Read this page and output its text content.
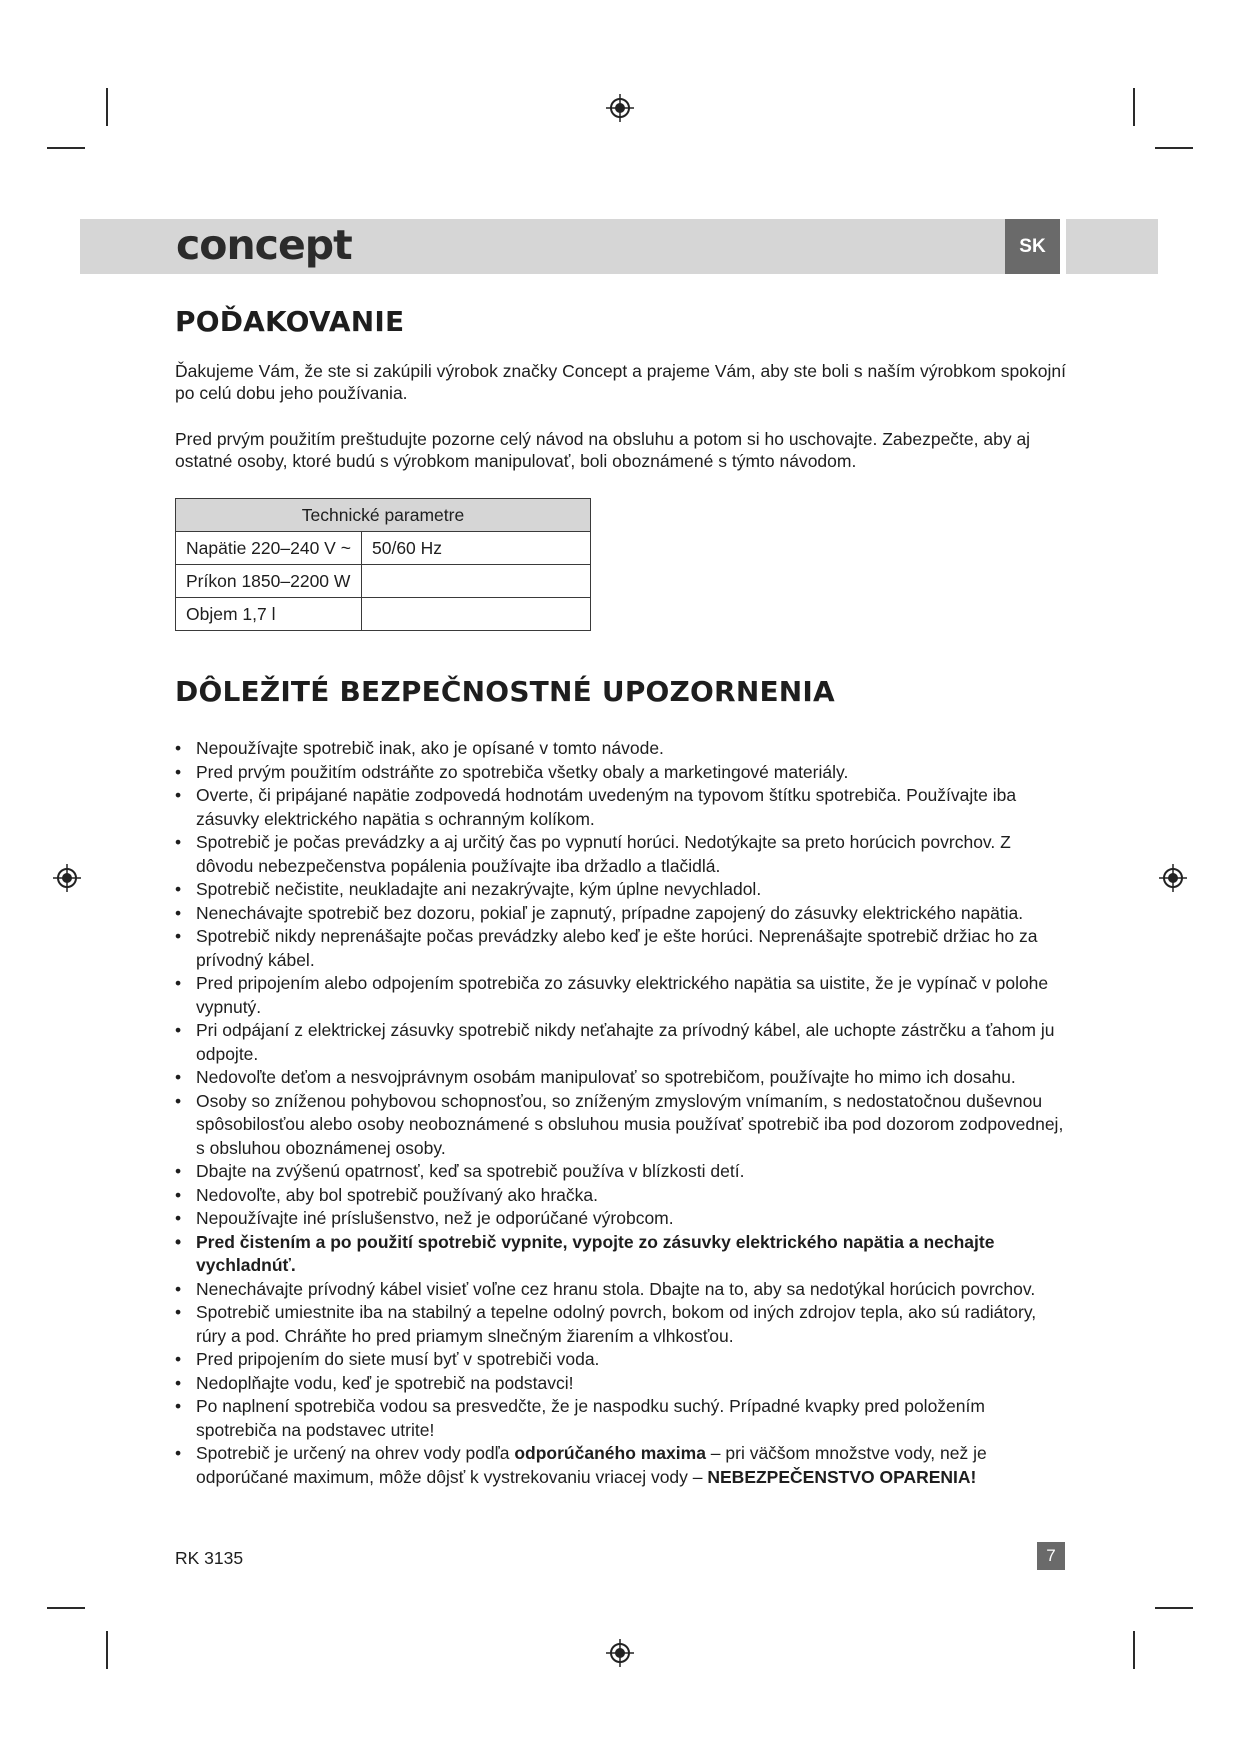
concept	SK
POĎAKOVANIE

Ďakujeme Vám, že ste si zakúpili výrobok značky Concept a prajeme Vám, aby ste boli s naším výrobkom spokojní po celú dobu jeho používania.

Pred prvým použitím preštudujte pozorne celý návod na obsluhu a potom si ho uschovajte. Zabezpečte, aby aj ostatné osoby, ktoré budú s výrobkom manipulovať, boli oboznámené s týmto návodom.

Technické parametre	
Napätie 220–240 V ~	50/60 Hz
Príkon 1850–2200 W	
Objem 1,7 l	
DÔLEŽITÉ BEZPEČNOSTNÉ UPOZORNENIA
• Nepoužívajte spotrebič inak, ako je opísané v tomto návode.
• Pred prvým použitím odstráňte zo spotrebiča všetky obaly a marketingové materiály.
• Overte, či pripájané napätie zodpovedá hodnotám uvedeným na typovom štítku spotrebiča. Používajte iba zásuvky elektrického napätia s ochranným kolíkom.
• Spotrebič je počas prevádzky a aj určitý čas po vypnutí horúci. Nedotýkajte sa preto horúcich povrchov. Z dôvodu nebezpečenstva popálenia používajte iba držadlo a tlačidlá.
• Spotrebič nečistite, neukladajte ani nezakrývajte, kým úplne nevychladol.
• Nenechávajte spotrebič bez dozoru, pokiaľ je zapnutý, prípadne zapojený do zásuvky elektrického napätia.
• Spotrebič nikdy neprenášajte počas prevádzky alebo keď je ešte horúci. Neprenášajte spotrebič držiac ho za prívodný kábel.
• Pred pripojením alebo odpojením spotrebiča zo zásuvky elektrického napätia sa uistite, že je vypínač v polohe vypnutý.
• Pri odpájaní z elektrickej zásuvky spotrebič nikdy neťahajte za prívodný kábel, ale uchopte zástrčku a ťahom ju odpojte.
• Nedovoľte deťom a nesvojprávnym osobám manipulovať so spotrebičom, používajte ho mimo ich dosahu.
• Osoby so zníženou pohybovou schopnosťou, so zníženým zmyslovým vnímaním, s nedostatočnou duševnou spôsobilosťou alebo osoby neoboznámené s obsluhou musia používať spotrebič iba pod dozorom zodpovednej, s obsluhou oboznámenej osoby.
• Dbajte na zvýšenú opatrnosť, keď sa spotrebič používa v blízkosti detí.
• Nedovoľte, aby bol spotrebič používaný ako hračka.
• Nepoužívajte iné príslušenstvo, než je odporúčané výrobcom.
• Pred čistením a po použití spotrebič vypnite, vypojte zo zásuvky elektrického napätia a nechajte vychladnúť.
• Nenechávajte prívodný kábel visieť voľne cez hranu stola. Dbajte na to, aby sa nedotýkal horúcich povrchov.
• Spotrebič umiestnite iba na stabilný a tepelne odolný povrch, bokom od iných zdrojov tepla, ako sú radiátory, rúry a pod. Chráňte ho pred priamym slnečným žiarením a vlhkosťou.
• Pred pripojením do siete musí byť v spotrebiči voda.
• Nedoplňajte vodu, keď je spotrebič na podstavci!
• Po naplnení spotrebiča vodou sa presvedčte, že je naspodku suchý. Prípadné kvapky pred položením spotrebiča na podstavec utrite!
• Spotrebič je určený na ohrev vody podľa odporúčaného maxima – pri väčšom množstve vody, než je odporúčané maximum, môže dôjsť k vystrekovaniu vriacej vody – NEBEZPEČENSTVO OPARENIA!
RK 3135	7
